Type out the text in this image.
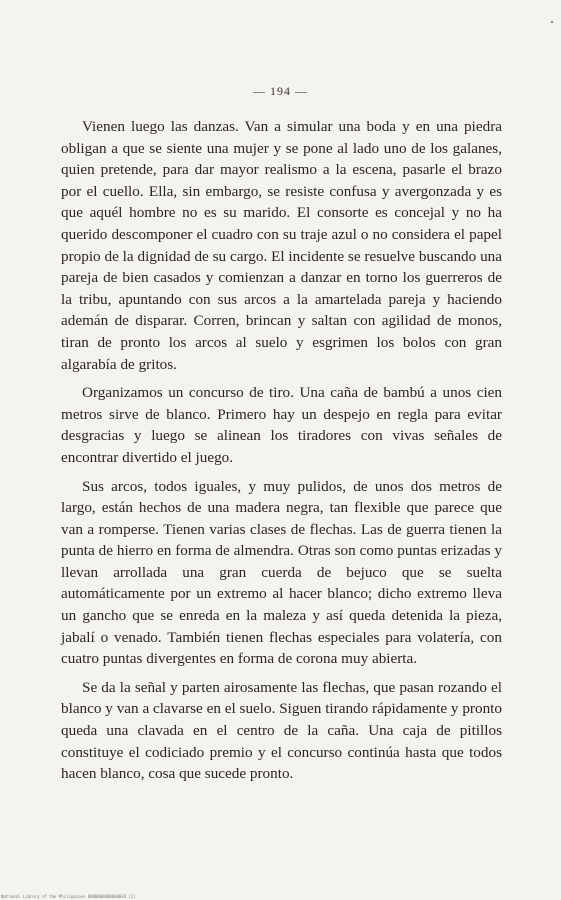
— 194 —

Vienen luego las danzas. Van a simular una boda y en una piedra obligan a que se siente una mujer y se pone al lado uno de los galanes, quien pretende, para dar mayor realismo a la escena, pasarle el brazo por el cuello. Ella, sin embargo, se resiste confusa y avergonzada y es que aquél hombre no es su marido. El consorte es concejal y no ha querido descomponer el cuadro con su traje azul o no considera el papel propio de la dignidad de su cargo. El incidente se resuelve buscando una pareja de bien casados y comienzan a danzar en torno los guerreros de la tribu, apuntando con sus arcos a la amartelada pareja y haciendo ademán de disparar. Corren, brincan y saltan con agilidad de monos, tiran de pronto los arcos al suelo y esgrimen los bolos con gran algarabía de gritos.

Organizamos un concurso de tiro. Una caña de bambú a unos cien metros sirve de blanco. Primero hay un despejo en regla para evitar desgracias y luego se alinean los tiradores con vivas señales de encontrar divertido el juego.

Sus arcos, todos iguales, y muy pulidos, de unos dos metros de largo, están hechos de una madera negra, tan flexible que parece que van a romperse. Tienen varias clases de flechas. Las de guerra tienen la punta de hierro en forma de almendra. Otras son como puntas erizadas y llevan arrollada una gran cuerda de bejuco que se suelta automáticamente por un extremo al hacer blanco; dicho extremo lleva un gancho que se enreda en la maleza y así queda detenida la pieza, jabalí o venado. También tienen flechas especiales para volatería, con cuatro puntas divergentes en forma de corona muy abierta.

Se da la señal y parten airosamente las flechas, que pasan rozando el blanco y van a clavarse en el suelo. Siguen tirando rápidamente y pronto queda una clavada en el centro de la caña. Una caja de pitillos constituye el codiciado premio y el concurso continúa hasta que todos hacen blanco, cosa que sucede pronto.

National Library of the Philippines 0000000000000034 (1)
